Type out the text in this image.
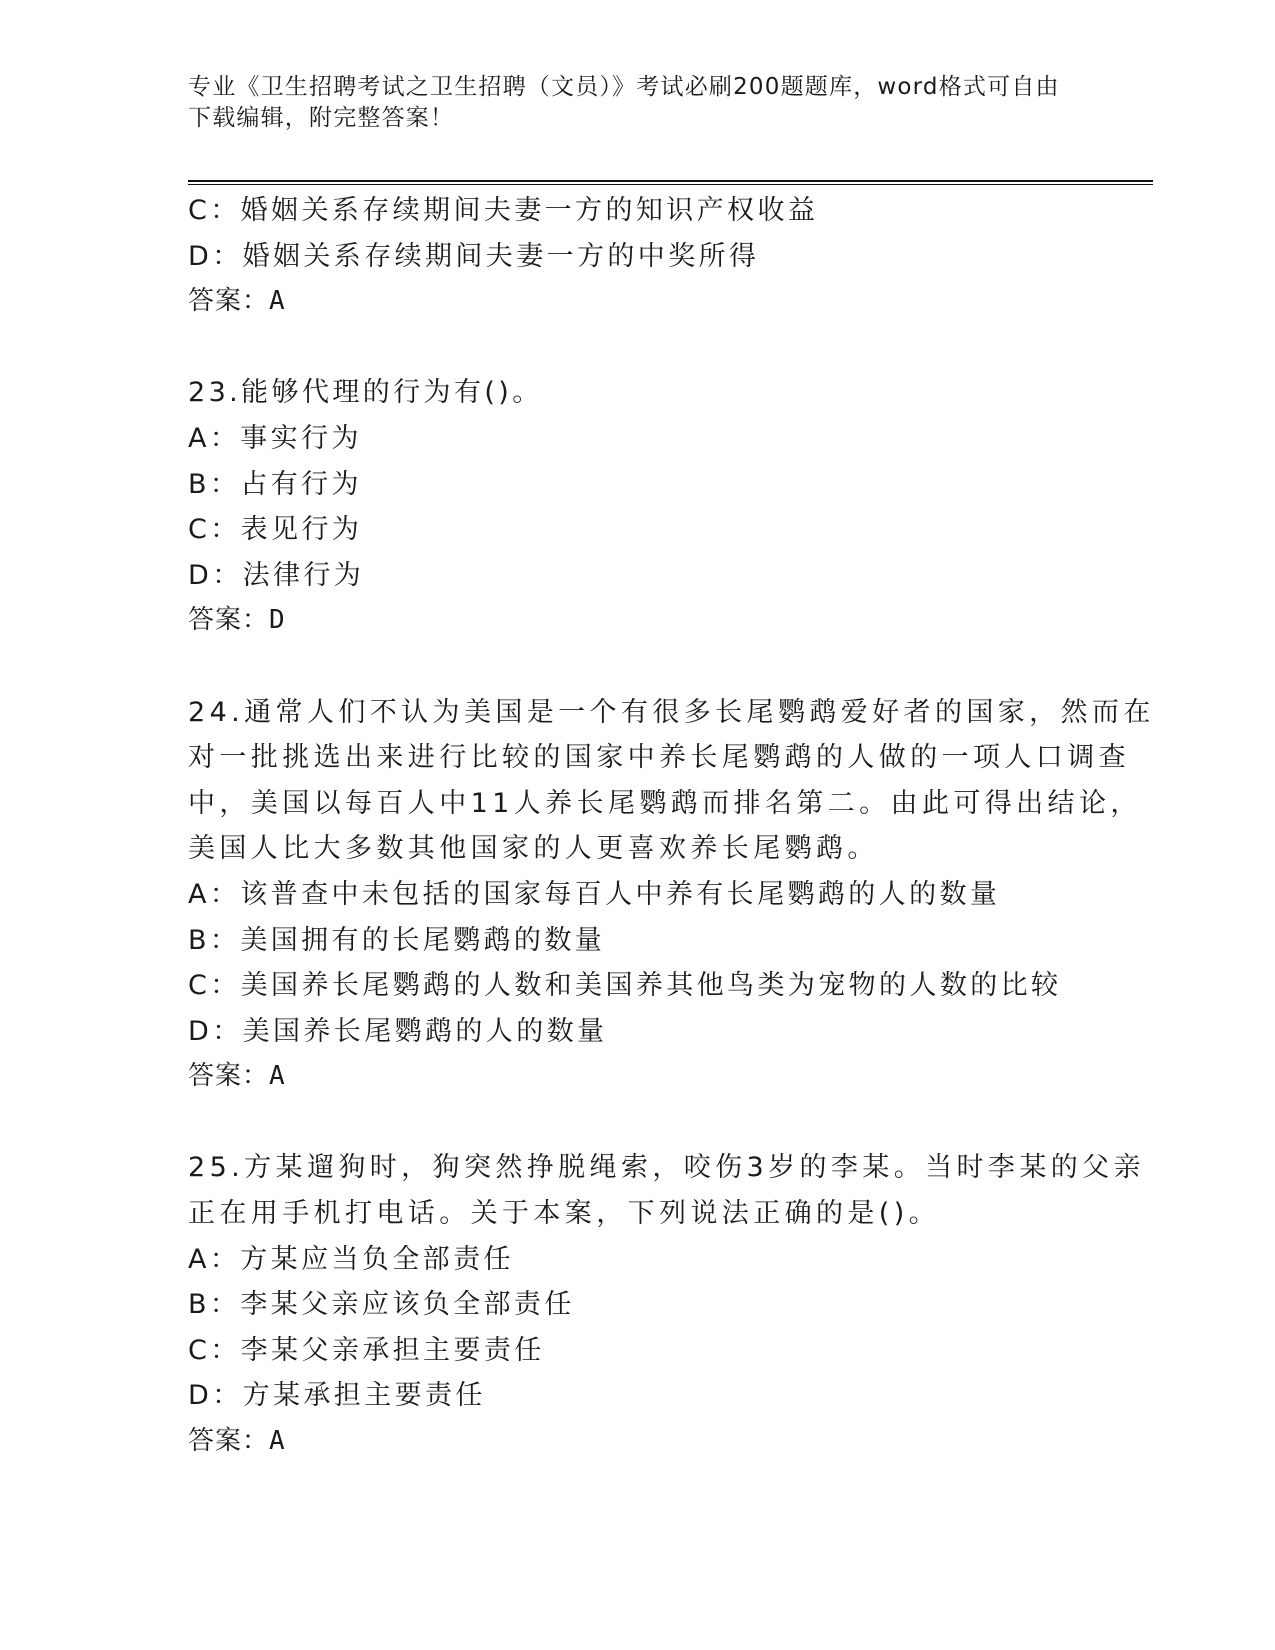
专业《卫生招聘考试之卫生招聘（文员）》考试必刷200题题库，word格式可自由下载编辑，附完整答案！
C：婚姻关系存续期间夫妻一方的知识产权收益
D：婚姻关系存续期间夫妻一方的中奖所得
答案：A
23.能够代理的行为有()。
A：事实行为
B：占有行为
C：表见行为
D：法律行为
答案：D
24.通常人们不认为美国是一个有很多长尾鹦鹉爱好者的国家，然而在
对一批挑选出来进行比较的国家中养长尾鹦鹉的人做的一项人口调查
中，美国以每百人中11人养长尾鹦鹉而排名第二。由此可得出结论，
美国人比大多数其他国家的人更喜欢养长尾鹦鹉。
A：该普查中未包括的国家每百人中养有长尾鹦鹉的人的数量
B：美国拥有的长尾鹦鹉的数量
C：美国养长尾鹦鹉的人数和美国养其他鸟类为宠物的人数的比较
D：美国养长尾鹦鹉的人的数量
答案：A
25.方某遛狗时，狗突然挣脱绳索，咬伤3岁的李某。当时李某的父亲
正在用手机打电话。关于本案，下列说法正确的是()。
A：方某应当负全部责任
B：李某父亲应该负全部责任
C：李某父亲承担主要责任
D：方某承担主要责任
答案：A
